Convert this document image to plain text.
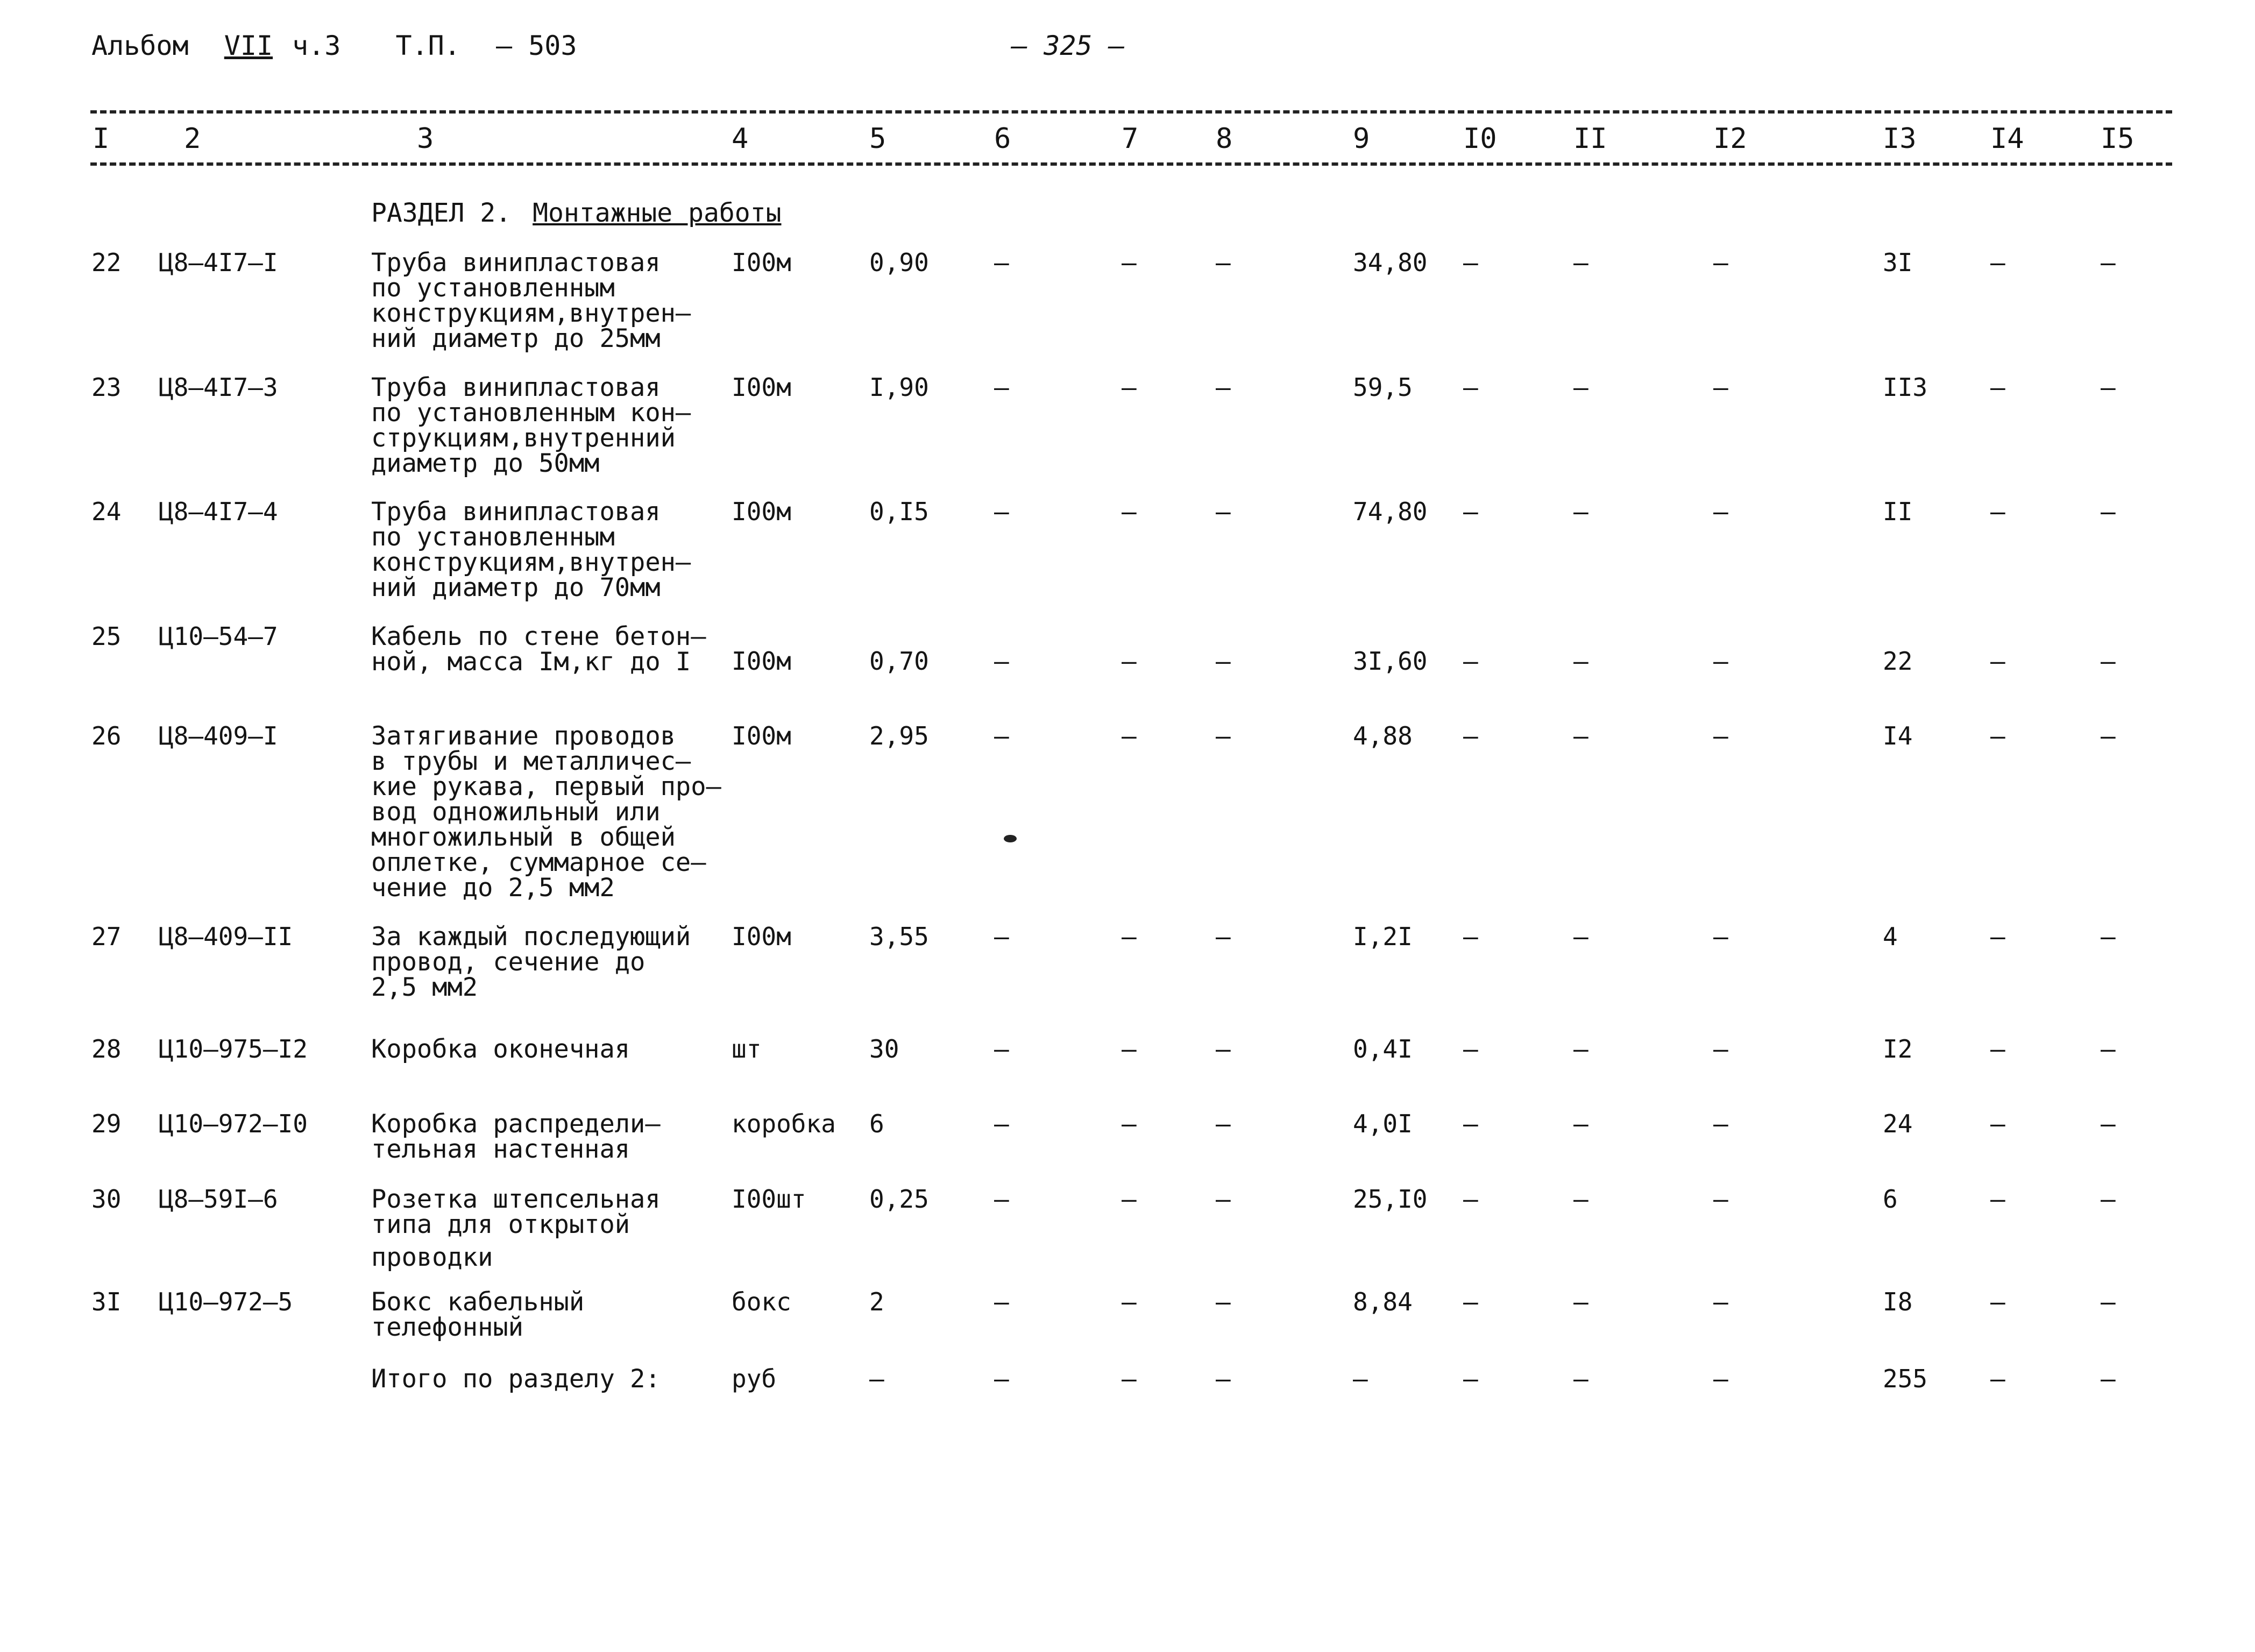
Альбом VII ч.3 Т.П. – 503	– 325 –
I	2	3	4	5	6	7	8	9	I0	II	I2	I3	I4	I5
РАЗДЕЛ 2. Монтажные работы
22 Ц8–4I7–I	Труба винипластовая
по установленным
конструкциям,внутрен–
ний диаметр до 25мм
I00м	0,90	–	–	–	34,80 –	–	–	3I	–	–
23 Ц8–4I7–3	Труба винипластовая
по установленным кон–
струкциям,внутренний
диаметр до 50мм
I00м	I,90	–	–	–	59,5 –	–	–	II3	–	–
24 Ц8–4I7–4	Труба винипластовая
по установленным
конструкциям,внутрен–
ний диаметр до 70мм
I00м	0,I5	–	–	–	74,80 –	–	–	II	–	–
25 Ц10–54–7	Кабель по стене бетон–
ной, масса Iм,кг до I	I00м	0,70	–	–	–	3I,60 –	–	–	22	–	–
26 Ц8–409–I	Затягивание проводов
в трубы и металличес–
кие рукава, первый про–
вод одножильный или
многожильный в общей
оплетке, суммарное се–
чение до 2,5 мм2
I00м	2,95	–	–	–	4,88 –	–	–	I4	–	–
27 Ц8–409–II	За каждый последующий
провод, сечение до
2,5 мм2
I00м	3,55	–	–	–	I,2I –	–	–	4	–	–
28 Ц10–975–I2	Коробка оконечная	шт	30	–	–	–	0,4I –	–	–	I2	–	–
29 Ц10–972–I0	Коробка распредели–
тельная настенная
коробка 6	–	–	–	4,0I –	–	–	24	–	–
30 Ц8–59I–6	Розетка штепсельная
типа для открытой
проводки
I00шт	0,25	–	–	–	25,I0 –	–	–	6	–	–
3I Ц10–972–5	Бокс кабельный
телефонный
бокс	2	–	–	–	8,84 –	–	–	I8	–	–
Итого по разделу 2:	руб	–	–	–	–	–	–	–	–	255	–	–
